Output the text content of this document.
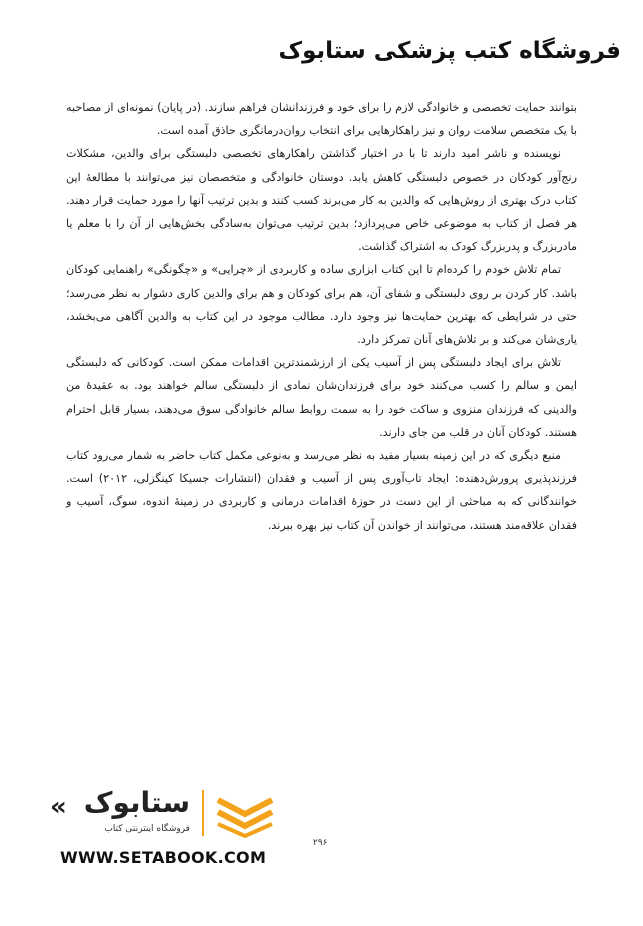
فروشگاه کتب پزشکی ستابوک

بتوانند حمایت تخصصی و خانوادگی لازم را برای خود و فرزندانشان فراهم سازند. (در پایان) نمونه‌ای از مصاحبه با یک متخصص سلامت روان و نیز راهکارهایی برای انتخاب روان‌درمانگری حاذق آمده است.

نویسنده و ناشر امید دارند تا با در اختیار گذاشتن راهکارهای تخصصی دلبستگی برای والدین، مشکلات رنج‌آور کودکان در خصوص دلبستگی کاهش یابد. دوستان خانوادگی و متخصصان نیز می‌توانند با مطالعهٔ این کتاب درک بهتری از روش‌هایی که والدین به کار می‌برند کسب کنند و بدین ترتیب آنها را مورد حمایت قرار دهند. هر فصل از کتاب به موضوعی خاص می‌پردازد؛ بدین ترتیب می‌توان به‌سادگی بخش‌هایی از آن را با معلم یا مادربزرگ و پدربزرگ کودک به اشتراک گذاشت.

تمام تلاش خودم را کرده‌ام تا این کتاب ابزاری ساده و کاربردی از «چرایی» و «چگونگی» راهنمایی کودکان باشد. کار کردن بر روی دلبستگی و شفای آن، هم برای کودکان و هم برای والدین کاری دشوار به نظر می‌رسد؛ حتی در شرایطی که بهترین حمایت‌ها نیز وجود دارد. مطالب موجود در این کتاب به والدین آگاهی می‌بخشد، یاری‌شان می‌کند و بر تلاش‌های آنان تمرکز دارد.

تلاش برای ایجاد دلبستگی پس از آسیب یکی از ارزشمندترین اقدامات ممکن است. کودکانی که دلبستگی ایمن و سالم را کسب می‌کنند خود برای فرزندان‌شان نمادی از دلبستگی سالم خواهند بود. به عقیدهٔ من والدینی که فرزندان منزوی و ساکت خود را به سمت روابط سالم خانوادگی سوق می‌دهند، بسیار قابل احترام هستند. کودکان آنان در قلب من جای دارند.

منبع دیگری که در این زمینه بسیار مفید به نظر می‌رسد و به‌نوعی مکمل کتاب حاضر به شمار می‌رود کتاب فرزندپذیری پرورش‌دهنده: ایجاد تاب‌آوری پس از آسیب و فقدان (انتشارات جسیکا کینگزلی، ۲۰۱۲) است. خوانندگانی که به مباحثی از این دست در حوزهٔ اقدامات درمانی و کاربردی در زمینهٔ اندوه، سوگ، آسیب و فقدان علاقه‌مند هستند، می‌توانند از خواندن آن کتاب نیز بهره ببرند.

« ستابوک
فروشگاه اینترنتی کتاب
WWW.SETABOOK.COM
۲۹۶
